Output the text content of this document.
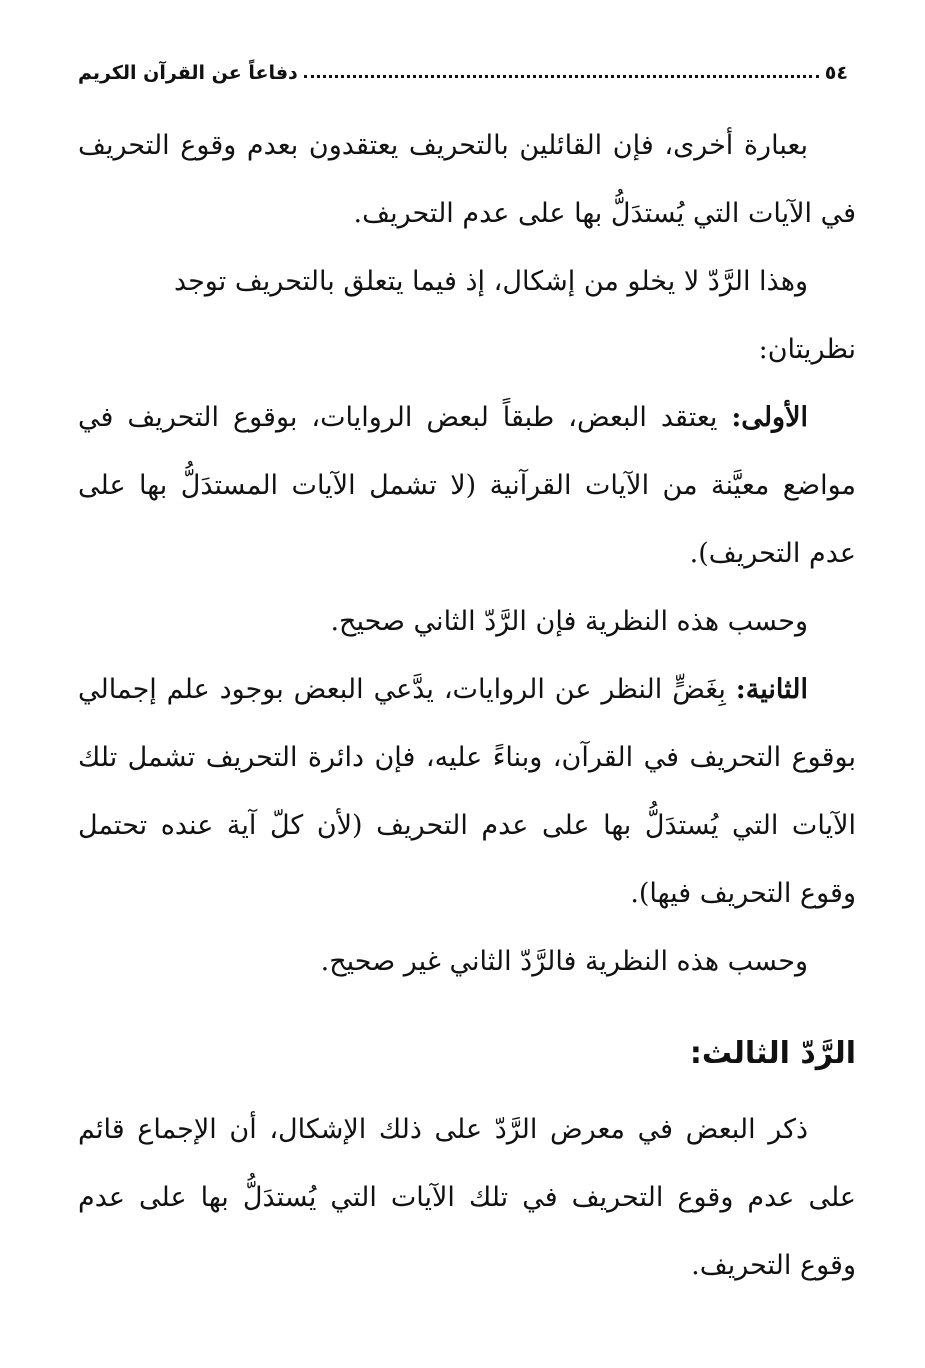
٥٤
دفاعاً عن القرآن الكريم

بعبارة أخرى، فإن القائلين بالتحريف يعتقدون بعدم وقوع التحريف في الآيات التي يُستدَلُّ بها على عدم التحريف.

وهذا الرَّدّ لا يخلو من إشكال، إذ فيما يتعلق بالتحريف توجد نظريتان:

الأولى: يعتقد البعض، طبقاً لبعض الروايات، بوقوع التحريف في مواضع معيَّنة من الآيات القرآنية (لا تشمل الآيات المستدَلُّ بها على عدم التحريف).

وحسب هذه النظرية فإن الرَّدّ الثاني صحيح.

الثانية: بِغَضٍّ النظر عن الروايات، يدَّعي البعض بوجود علم إجمالي بوقوع التحريف في القرآن، وبناءً عليه، فإن دائرة التحريف تشمل تلك الآيات التي يُستدَلُّ بها على عدم التحريف (لأن كلّ آية عنده تحتمل وقوع التحريف فيها).

وحسب هذه النظرية فالرَّدّ الثاني غير صحيح.

الرَّدّ الثالث:

ذكر البعض في معرض الرَّدّ على ذلك الإشكال، أن الإجماع قائم على عدم وقوع التحريف في تلك الآيات التي يُستدَلُّ بها على عدم وقوع التحريف.
